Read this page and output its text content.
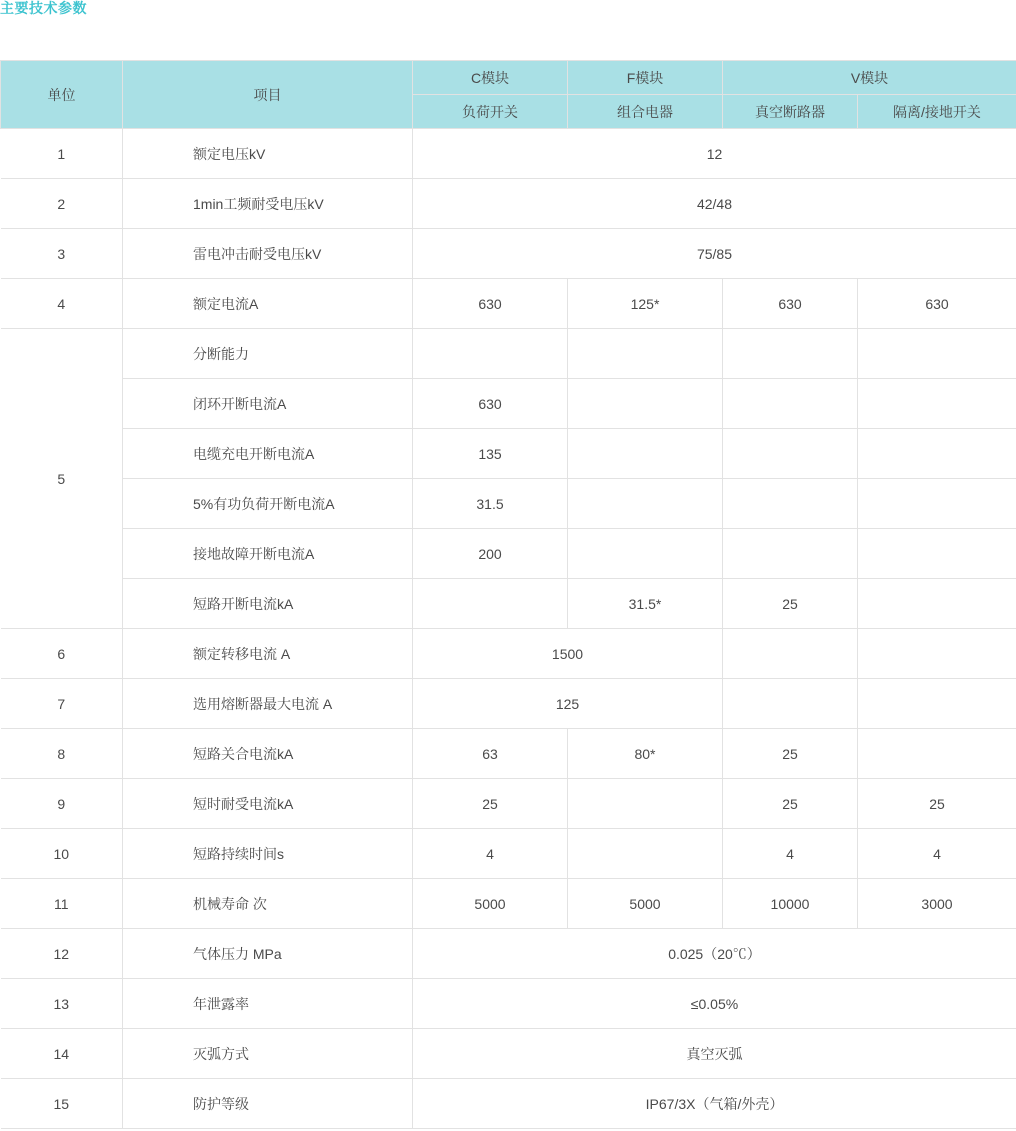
主要技术参数
单位	项目	C模块	F模块	V模块	
		负荷开关	组合电器	真空断路器	隔离/接地开关
1	额定电压kV	12			
2	1min工频耐受电压kV	42/48			
3	雷电冲击耐受电压kV	75/85			
4	额定电流A	630	125*	630	630
5	分断能力				
	闭环开断电流A	630			
	电缆充电开断电流A	135			
	5%有功负荷开断电流A	31.5			
	接地故障开断电流A	200			
	短路开断电流kA		31.5*	25	
6	额定转移电流 A	1500			
7	选用熔断器最大电流 A	125			
8	短路关合电流kA	63	80*	25	
9	短时耐受电流kA	25		25	25
10	短路持续时间s	4		4	4
11	机械寿命 次	5000	5000	10000	3000
12	气体压力 MPa	0.025（20℃）			
13	年泄露率	≤0.05%			
14	灭弧方式	真空灭弧			
15	防护等级	IP67/3X（气箱/外壳）			
